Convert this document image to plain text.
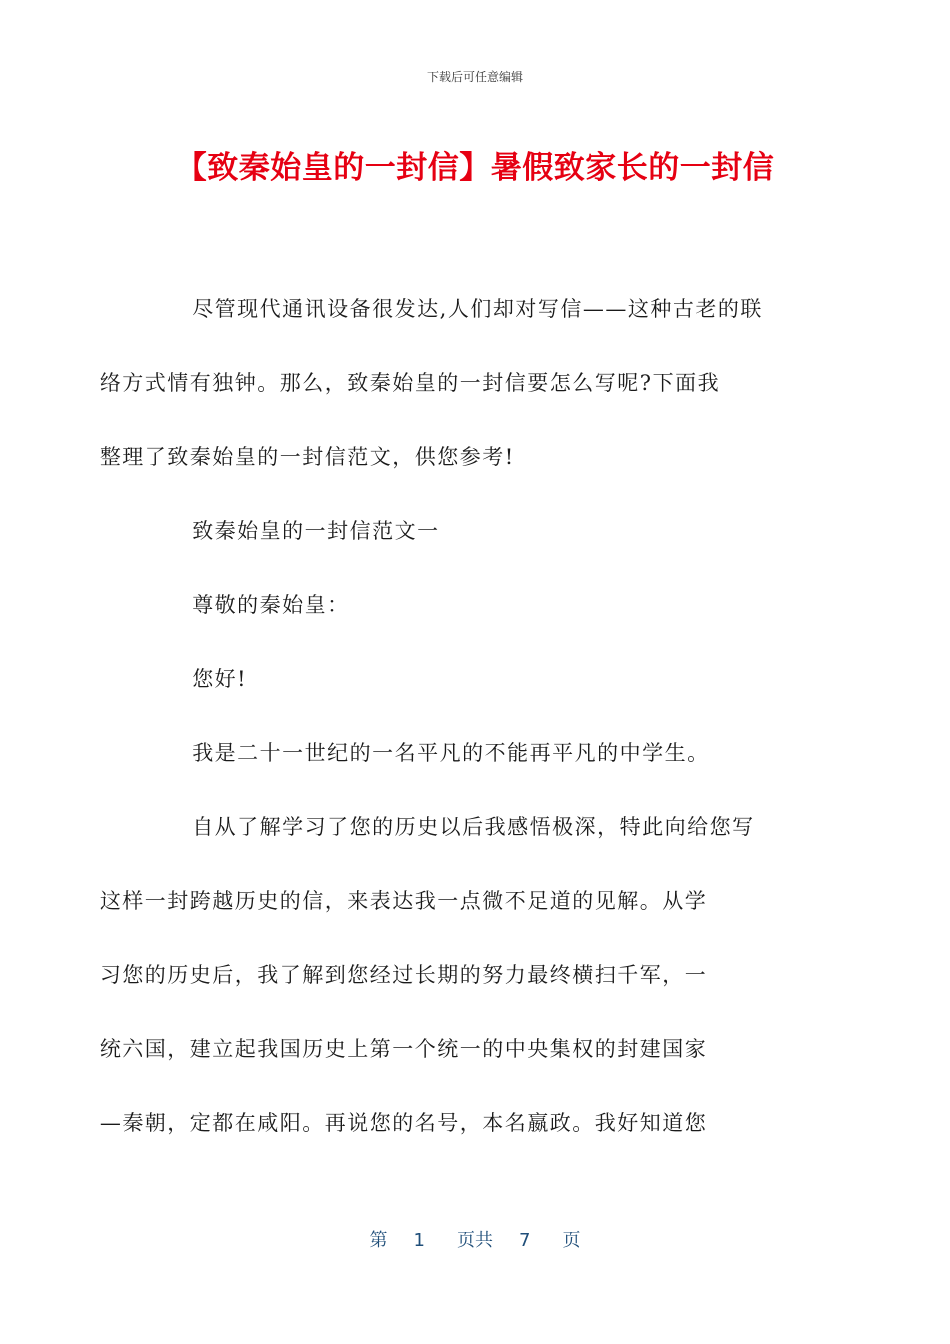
下载后可任意编辑
【致秦始皇的一封信】暑假致家长的一封信

尽管现代通讯设备很发达,人们却对写信——这种古老的联
络方式情有独钟。那么，致秦始皇的一封信要怎么写呢?下面我
整理了致秦始皇的一封信范文，供您参考!

致秦始皇的一封信范文一

尊敬的秦始皇：

您好!

我是二十一世纪的一名平凡的不能再平凡的中学生。

自从了解学习了您的历史以后我感悟极深，特此向给您写
这样一封跨越历史的信，来表达我一点微不足道的见解。从学
习您的历史后，我了解到您经过长期的努力最终横扫千军，一
统六国，建立起我国历史上第一个统一的中央集权的封建国家
—秦朝，定都在咸阳。再说您的名号，本名嬴政。我好知道您

第 1 页共 7 页
